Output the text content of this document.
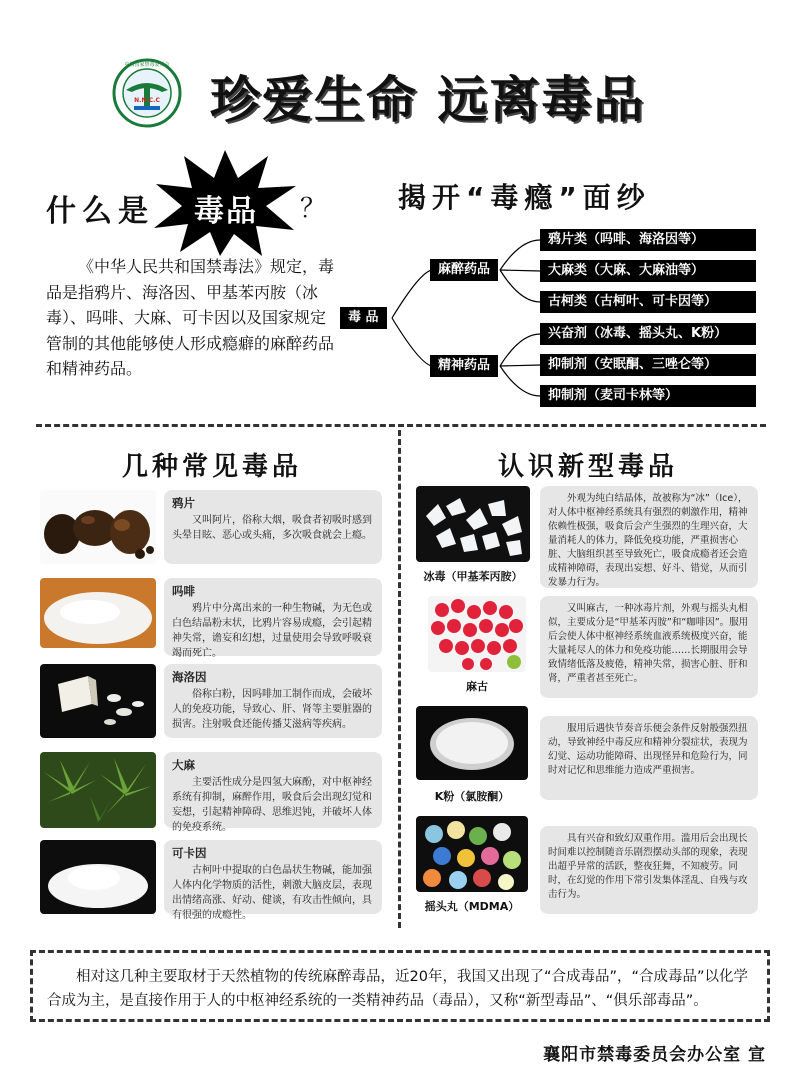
中国国家禁毒委员会
N.N.C.C 珍爱生命 远离毒品
什么是	毒品	？
《中华人民共和国禁毒法》规定，毒品是指鸦片、海洛因、甲基苯丙胺（冰毒）、吗啡、大麻、可卡因以及国家规定管制的其他能够使人形成瘾癖的麻醉药品和精神药品。
揭开“毒瘾”面纱
毒 品
麻醉药品
精神药品
鸦片类（吗啡、海洛因等）
大麻类（大麻、大麻油等）
古柯类（古柯叶、可卡因等）
兴奋剂（冰毒、摇头丸、K粉）
抑制剂（安眠酮、三唑仑等）
抑制剂（麦司卡林等）
几种常见毒品
鸦片
又叫阿片，俗称大烟，吸食者初吸时感到头晕目眩、恶心或头痛，多次吸食就会上瘾。
吗啡
鸦片中分离出来的一种生物碱，为无色或白色结晶粉末状，比鸦片容易成瘾，会引起精神失常，谵妄和幻想，过量使用会导致呼吸衰竭而死亡。
海洛因
俗称白粉，因吗啡加工制作而成，会破坏人的免疫功能，导致心、肝、肾等主要脏器的损害。注射吸食还能传播艾滋病等疾病。
大麻
主要活性成分是四氢大麻酚，对中枢神经系统有抑制，麻醉作用，吸食后会出现幻觉和妄想，引起精神障碍、思维迟钝，并破坏人体的免疫系统。
可卡因
古柯叶中提取的白色晶状生物碱，能加强人体内化学物质的活性，刺激大脑皮层，表现出情绪高涨、好动、健谈，有攻击性倾向，具有很强的成瘾性。
认识新型毒品
冰毒（甲基苯丙胺）
外观为纯白结晶体，故被称为“冰”（Ice），对人体中枢神经系统具有强烈的刺激作用，精神依赖性极强，吸食后会产生强烈的生理兴奋，大量消耗人的体力，降低免疫功能，严重损害心脏、大脑组织甚至导致死亡，吸食成瘾者还会造成精神障碍，表现出妄想、好斗、错觉，从而引发暴力行为。
麻古
又叫麻古，一种冰毒片剂，外观与摇头丸相似，主要成分是“甲基苯丙胺”和“咖啡因”。服用后会使人体中枢神经系统血液系统极度兴奋，能大量耗尽人的体力和免疫功能……长期服用会导致情绪低落及疲倦，精神失常，损害心脏、肝和肾，严重者甚至死亡。
K粉（氯胺酮）
服用后遇快节奏音乐便会条件反射般强烈扭动，导致神经中毒反应和精神分裂症状，表现为幻觉、运动功能障碍、出现怪异和危险行为，同时对记忆和思维能力造成严重损害。
摇头丸（MDMA）
具有兴奋和致幻双重作用。滥用后会出现长时间难以控制随音乐剧烈摆动头部的现象，表现出超乎异常的活跃，整夜狂舞，不知疲劳。同时，在幻觉的作用下常引发集体淫乱、自残与攻击行为。
相对这几种主要取材于天然植物的传统麻醉毒品，近20年，我国又出现了“合成毒品”，“合成毒品”以化学合成为主，是直接作用于人的中枢神经系统的一类精神药品（毒品），又称“新型毒品”、“俱乐部毒品”。
襄阳市禁毒委员会办公室 宣
